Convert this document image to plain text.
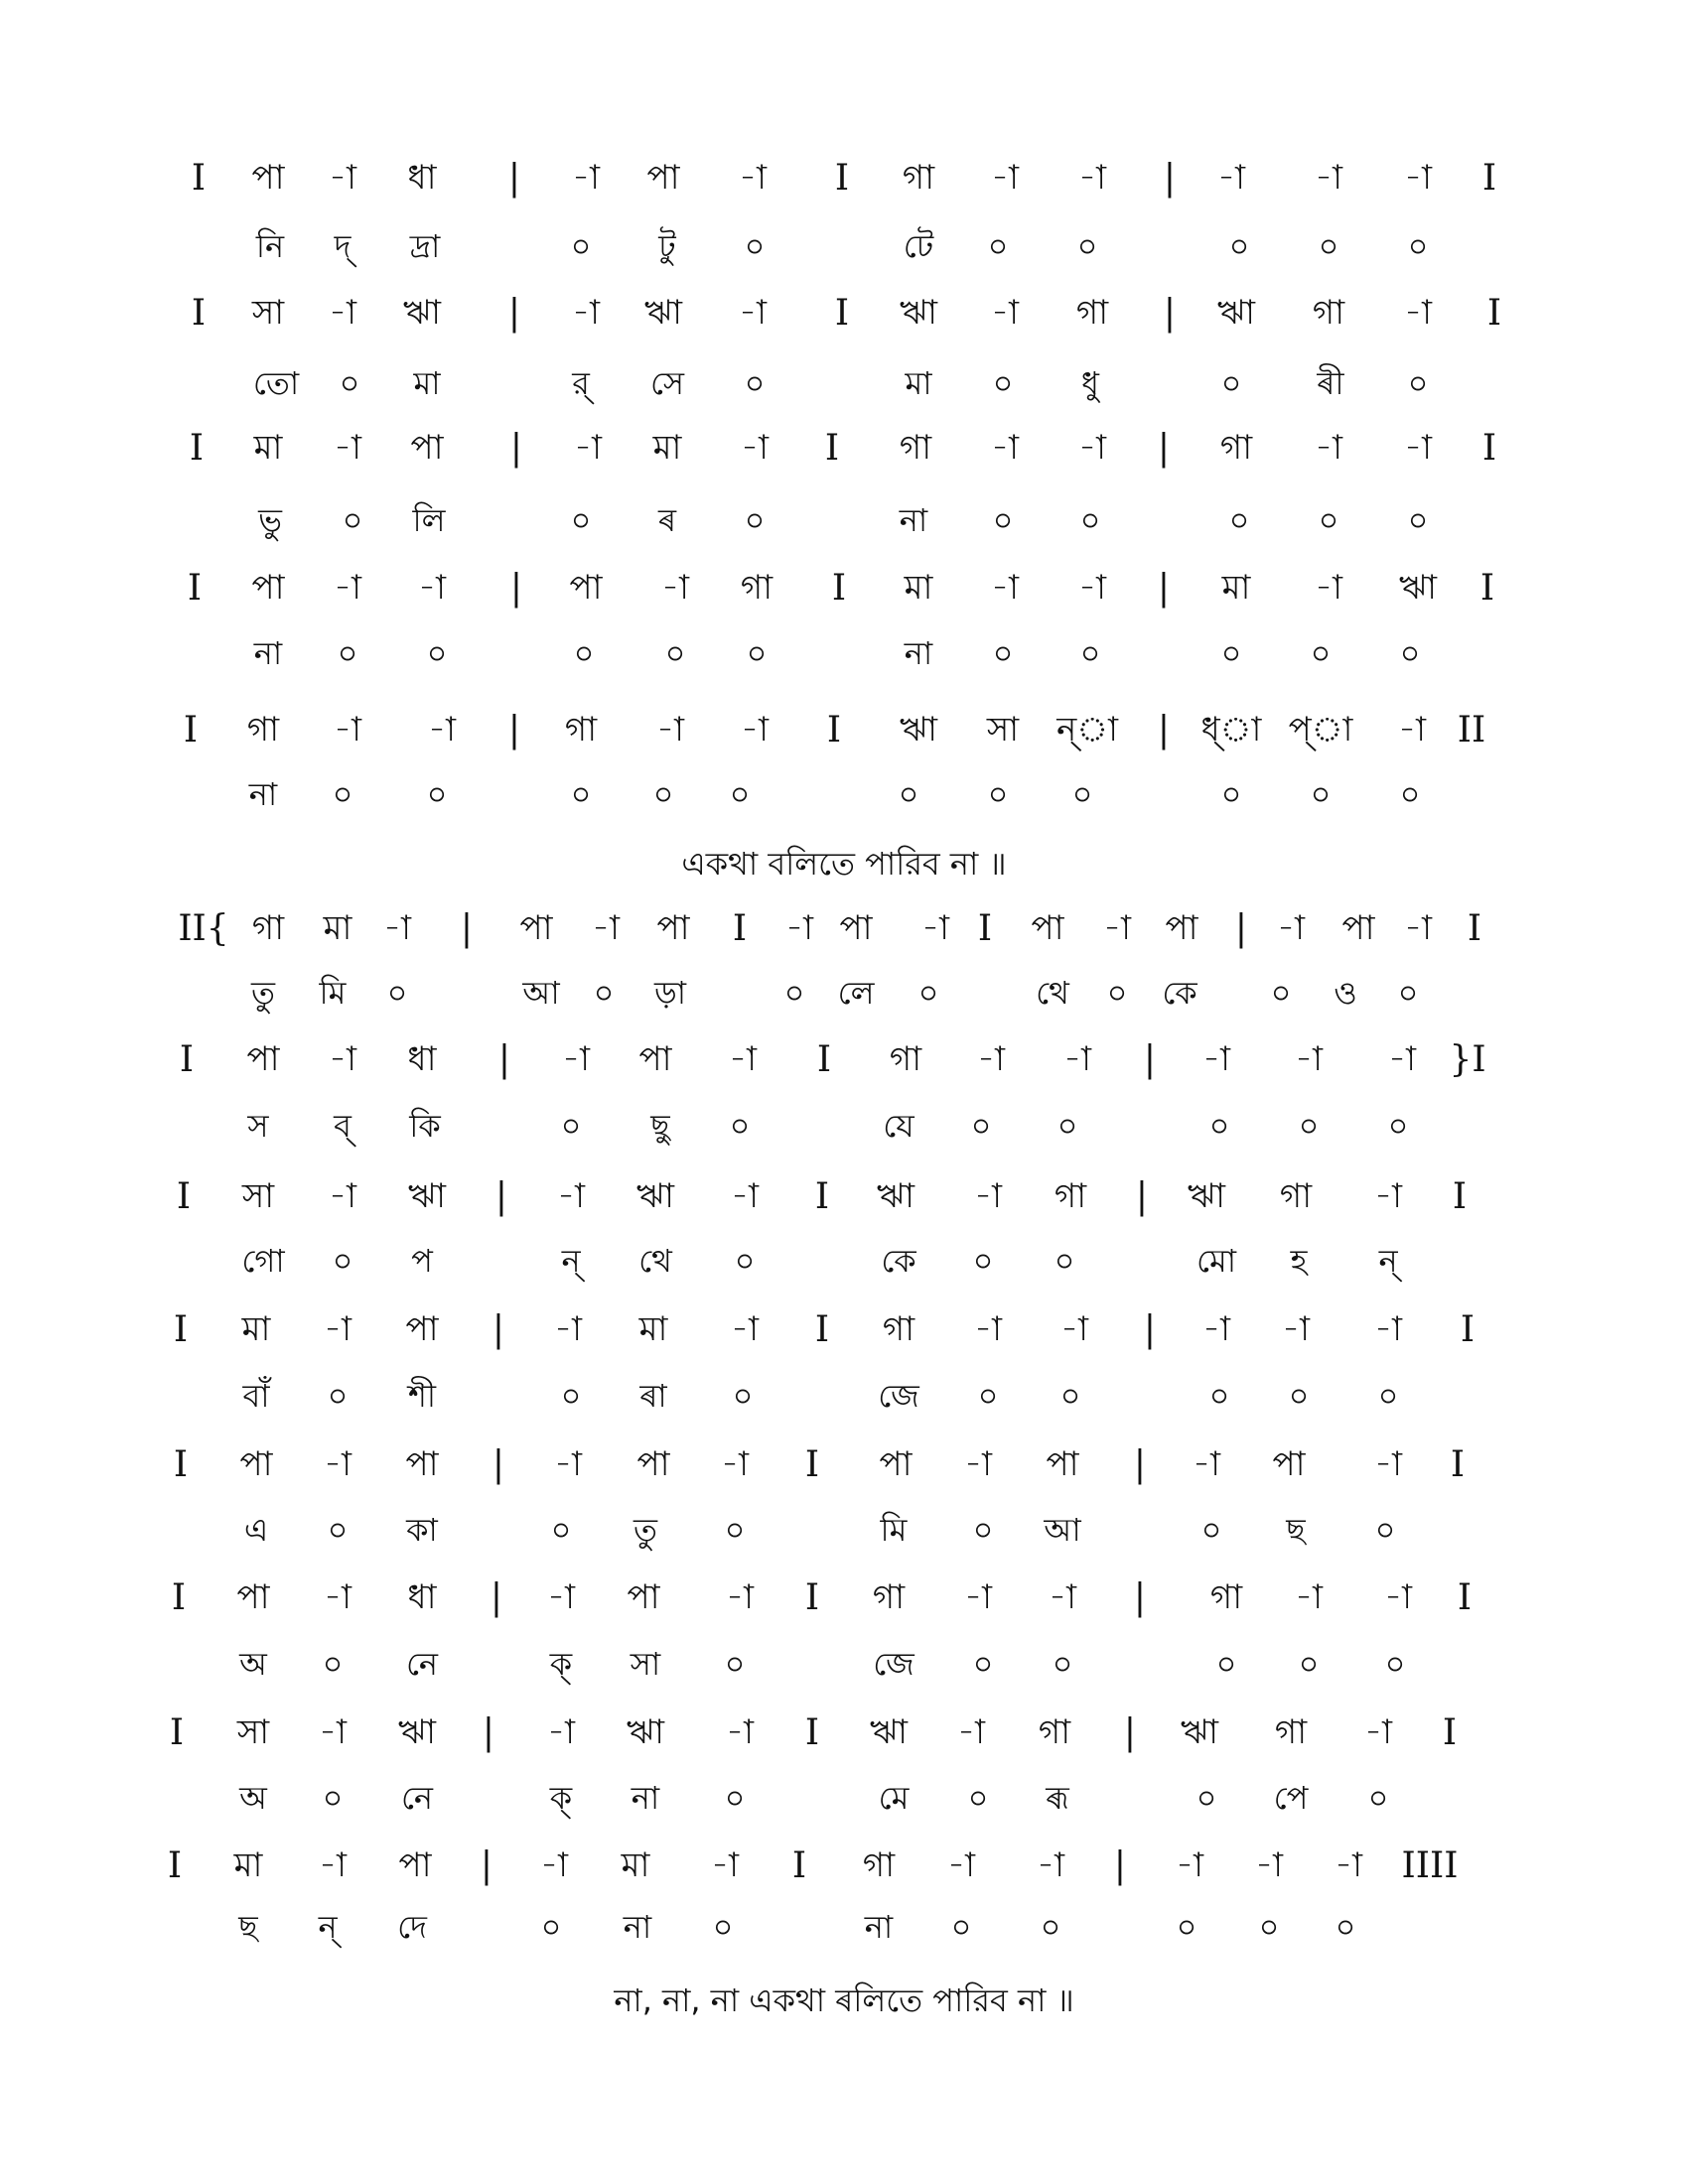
I পা -া ধা | -া পা -া I গা -া -া | -া -া -া I
নি দ্ দ্রা	০ টু ০	টে ০ ০	০ ০ ০
I সা -া ঋা | -া ঋা -া I ঋা -া গা | ঋা গা -া I
তো ০ মা	র্ সে ০	মা ০ ধু	০ ৰী ০
I মা -া পা | -া মা -া I গা -া -া | গা -া -া I
ভু ০ লি	০ ৰ ০	না ০ ০	০ ০ ০
I পা -া -া | পা -া গা I মা -া -া | মা -া ঋা I
না ০ ০	০ ০ ০	না ০ ০	০ ০ ০
I গা -া -া | গা -া -া I ঋা সা ন্া | ধ্া প্া -া II
না ০ ০	০ ০ ০	০ ০ ০	০ ০ ০
একথা বলিতে পারিব না ॥
II{ গা মা -া | পা -া পা I -া পা -া I পা -া পা | -া পা -া I
তু মি ০	আ ০ ড়া	০ লে ০	থে ০ কে ০ ও ০
I পা -া ধা | -া পা -া I গা -া -া | -া -া -া }I
স ব্ কি	০ ছু ০	যে ০ ০	০ ০ ০
I সা -া ঋা | -া ঋা -া I ঋা -া গা | ঋা গা -া I
গো ০ প	ন্ থে ০	কে ০ ০	মো হ ন্
I মা -া পা | -া মা -া I গা -া -া | -া -া -া I
বাঁ ০ শী	০ ৰা ০	জে ০ ০	০ ০ ০
I পা -া পা | -া পা -া I পা -া পা | -া পা -া I
এ ০ কা	০ তু ০	মি ০ আ	০ ছ ০
I পা -া ধা | -া পা -া I গা -া -া | গা -া -া I
অ ০ নে	ক্ সা ০	জে ০ ০	০ ০ ০
I সা -া ঋা | -া ঋা -া I ঋা -া গা | ঋা গা -া I
অ ০ নে	ক্ না ০	মে ০ ৰূ	০ পে ০
I মা -া পা | -া মা -া I গা -া -া | -া -া -া IIII
ছ ন্ দে	০ না ০	না ০ ০	০ ০ ০
না, না, না একথা ৰলিতে পারিব না ॥
